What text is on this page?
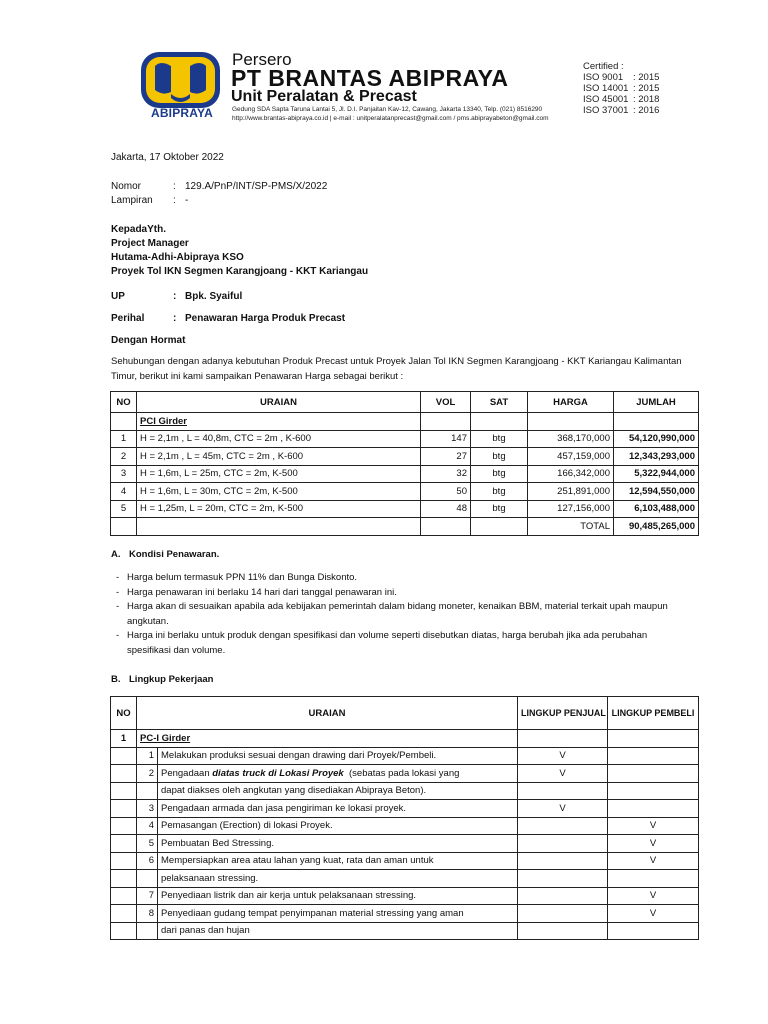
ABIPRAYA
Persero
PT BRANTAS ABIPRAYA
Unit Peralatan & Precast
Gedung SDA Sapta Taruna Lantai 5, Jl. D.I. Panjaitan Kav-12, Cawang, Jakarta 13340, Telp. (021) 8516290
http://www.brantas-abipraya.co.id | e-mail : unitperalatanprecast@gmail.com / pms.abiprayabeton@gmail.com
Certified :
ISO 9001 : 2015
ISO 14001 : 2015
ISO 45001 : 2018
ISO 37001 : 2016
Jakarta, 17 Oktober 2022
Nomor	: 129.A/PnP/INT/SP-PMS/X/2022
Lampiran : -
KepadaYth.
Project Manager
Hutama-Adhi-Abipraya KSO
Proyek Tol IKN Segmen Karangjoang - KKT Kariangau
UP	: Bpk. Syaiful
Perihal	: Penawaran Harga Produk Precast
Dengan Hormat
Sehubungan dengan adanya kebutuhan Produk Precast untuk Proyek Jalan Tol IKN Segmen Karangjoang - KKT Kariangau Kalimantan
Timur, berikut ini kami sampaikan Penawaran Harga sebagai berikut :
NO	URAIAN	VOL	SAT	HARGA	JUMLAH
	PCI Girder				
1	H = 2,1m , L = 40,8m, CTC = 2m , K-600	147	btg	368,170,000	54,120,990,000
2	H = 2,1m , L = 45m, CTC = 2m , K-600	27	btg	457,159,000	12,343,293,000
3	H = 1,6m, L = 25m, CTC = 2m, K-500	32	btg	166,342,000	5,322,944,000
4	H = 1,6m, L = 30m, CTC = 2m, K-500	50	btg	251,891,000	12,594,550,000
5	H = 1,25m, L = 20m, CTC = 2m, K-500	48	btg	127,156,000	6,103,488,000
				TOTAL	90,485,265,000
A. Kondisi Penawaran.
- Harga belum termasuk PPN 11% dan Bunga Diskonto.
- Harga penawaran ini berlaku 14 hari dari tanggal penawaran ini.
- Harga akan di sesuaikan apabila ada kebijakan pemerintah dalam bidang moneter, kenaikan BBM, material terkait upah maupun angkutan.
- Harga ini berlaku untuk produk dengan spesifikasi dan volume seperti disebutkan diatas, harga berubah jika ada perubahan spesifikasi dan volume.
B. Lingkup Pekerjaan
NO	URAIAN		LINGKUP PENJUAL	LINGKUP PEMBELI
1	PC-I Girder			
	1	Melakukan produksi sesuai dengan drawing dari Proyek/Pembeli.	V	
	2	Pengadaan diatas truck di Lokasi Proyek  (sebatas pada lokasi yang	V	
		dapat diakses oleh angkutan yang disediakan Abipraya Beton).		
	3	Pengadaan armada dan jasa pengiriman ke lokasi proyek.	V	
	4	Pemasangan (Erection) di lokasi Proyek.		V
	5	Pembuatan Bed Stressing.		V
	6	Mempersiapkan area atau lahan yang kuat, rata dan aman untuk		V
		pelaksanaan stressing.		
	7	Penyediaan listrik dan air kerja untuk pelaksanaan stressing.		V
	8	Penyediaan gudang tempat penyimpanan material stressing yang aman		V
		dari panas dan hujan		
